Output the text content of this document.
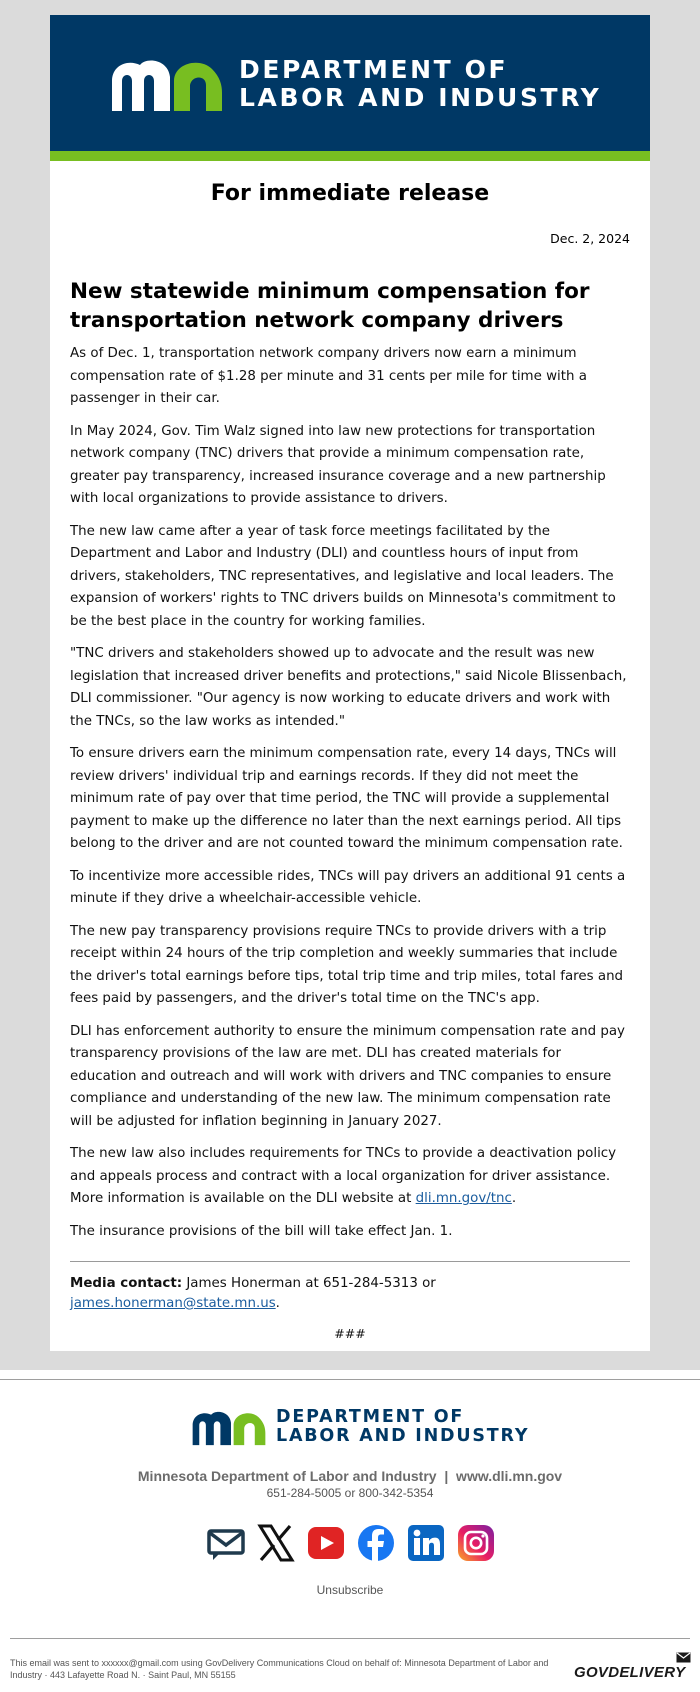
DEPARTMENT OF
LABOR AND INDUSTRY
For immediate release
Dec. 2, 2024
New statewide minimum compensation for transportation network company drivers

As of Dec. 1, transportation network company drivers now earn a minimum compensation rate of $1.28 per minute and 31 cents per mile for time with a passenger in their car.

In May 2024, Gov. Tim Walz signed into law new protections for transportation network company (TNC) drivers that provide a minimum compensation rate, greater pay transparency, increased insurance coverage and a new partnership with local organizations to provide assistance to drivers.

The new law came after a year of task force meetings facilitated by the Department and Labor and Industry (DLI) and countless hours of input from drivers, stakeholders, TNC representatives, and legislative and local leaders. The expansion of workers' rights to TNC drivers builds on Minnesota's commitment to be the best place in the country for working families.

"TNC drivers and stakeholders showed up to advocate and the result was new legislation that increased driver benefits and protections," said Nicole Blissenbach, DLI commissioner. "Our agency is now working to educate drivers and work with the TNCs, so the law works as intended."

To ensure drivers earn the minimum compensation rate, every 14 days, TNCs will review drivers' individual trip and earnings records. If they did not meet the minimum rate of pay over that time period, the TNC will provide a supplemental payment to make up the difference no later than the next earnings period. All tips belong to the driver and are not counted toward the minimum compensation rate.

To incentivize more accessible rides, TNCs will pay drivers an additional 91 cents a minute if they drive a wheelchair-accessible vehicle.

The new pay transparency provisions require TNCs to provide drivers with a trip receipt within 24 hours of the trip completion and weekly summaries that include the driver's total earnings before tips, total trip time and trip miles, total fares and fees paid by passengers, and the driver's total time on the TNC's app.

DLI has enforcement authority to ensure the minimum compensation rate and pay transparency provisions of the law are met. DLI has created materials for education and outreach and will work with drivers and TNC companies to ensure compliance and understanding of the new law. The minimum compensation rate will be adjusted for inflation beginning in January 2027.

The new law also includes requirements for TNCs to provide a deactivation policy and appeals process and contract with a local organization for driver assistance. More information is available on the DLI website at dli.mn.gov/tnc.

The insurance provisions of the bill will take effect Jan. 1.

Media contact: James Honerman at 651-284-5313 or james.honerman@state.mn.us.
###
DEPARTMENT OF
LABOR AND INDUSTRY
Minnesota Department of Labor and Industry  |  www.dli.mn.gov
651-284-5005 or 800-342-5354
Unsubscribe
This email was sent to xxxxxx@gmail.com using GovDelivery Communications Cloud on behalf of: Minnesota Department of Labor and Industry · 443 Lafayette Road N. · Saint Paul, MN 55155	GOVDELIVERY
